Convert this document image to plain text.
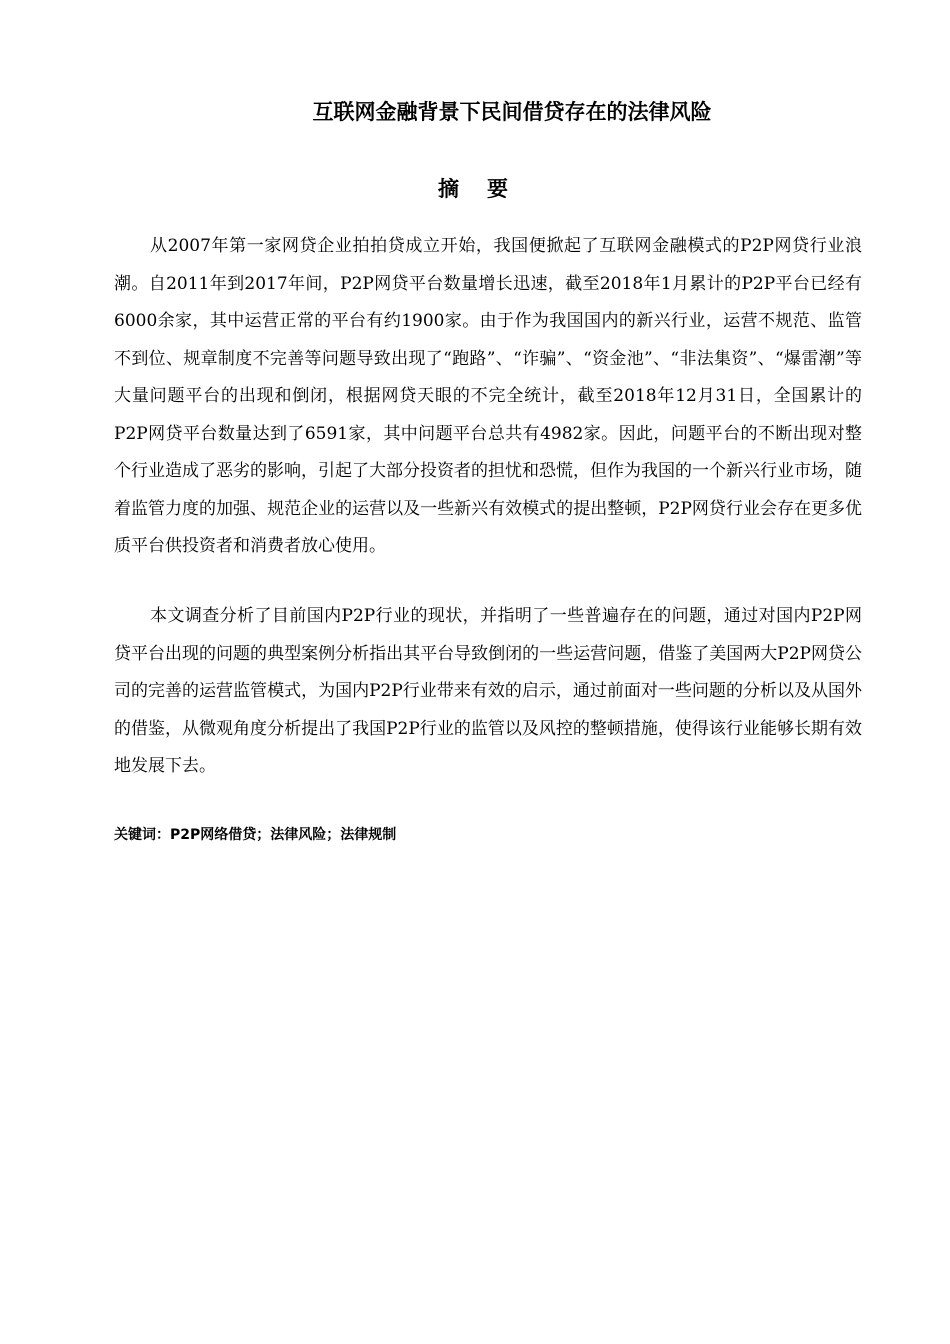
互联网金融背景下民间借贷存在的法律风险
摘要

从2007年第一家网贷企业拍拍贷成立开始，我国便掀起了互联网金融模式的P2P网贷行业浪潮。自2011年到2017年间，P2P网贷平台数量增长迅速，截至2018年1月累计的P2P平台已经有6000余家，其中运营正常的平台有约1900家。由于作为我国国内的新兴行业，运营不规范、监管不到位、规章制度不完善等问题导致出现了“跑路”、“诈骗”、“资金池”、“非法集资”、“爆雷潮”等大量问题平台的出现和倒闭，根据网贷天眼的不完全统计，截至2018年12月31日，全国累计的P2P网贷平台数量达到了6591家，其中问题平台总共有4982家。因此，问题平台的不断出现对整个行业造成了恶劣的影响，引起了大部分投资者的担忧和恐慌，但作为我国的一个新兴行业市场，随着监管力度的加强、规范企业的运营以及一些新兴有效模式的提出整顿，P2P网贷行业会存在更多优质平台供投资者和消费者放心使用。

本文调查分析了目前国内P2P行业的现状，并指明了一些普遍存在的问题，通过对国内P2P网贷平台出现的问题的典型案例分析指出其平台导致倒闭的一些运营问题，借鉴了美国两大P2P网贷公司的完善的运营监管模式，为国内P2P行业带来有效的启示，通过前面对一些问题的分析以及从国外的借鉴，从微观角度分析提出了我国P2P行业的监管以及风控的整顿措施，使得该行业能够长期有效地发展下去。

关键词：P2P网络借贷；法律风险；法律规制
